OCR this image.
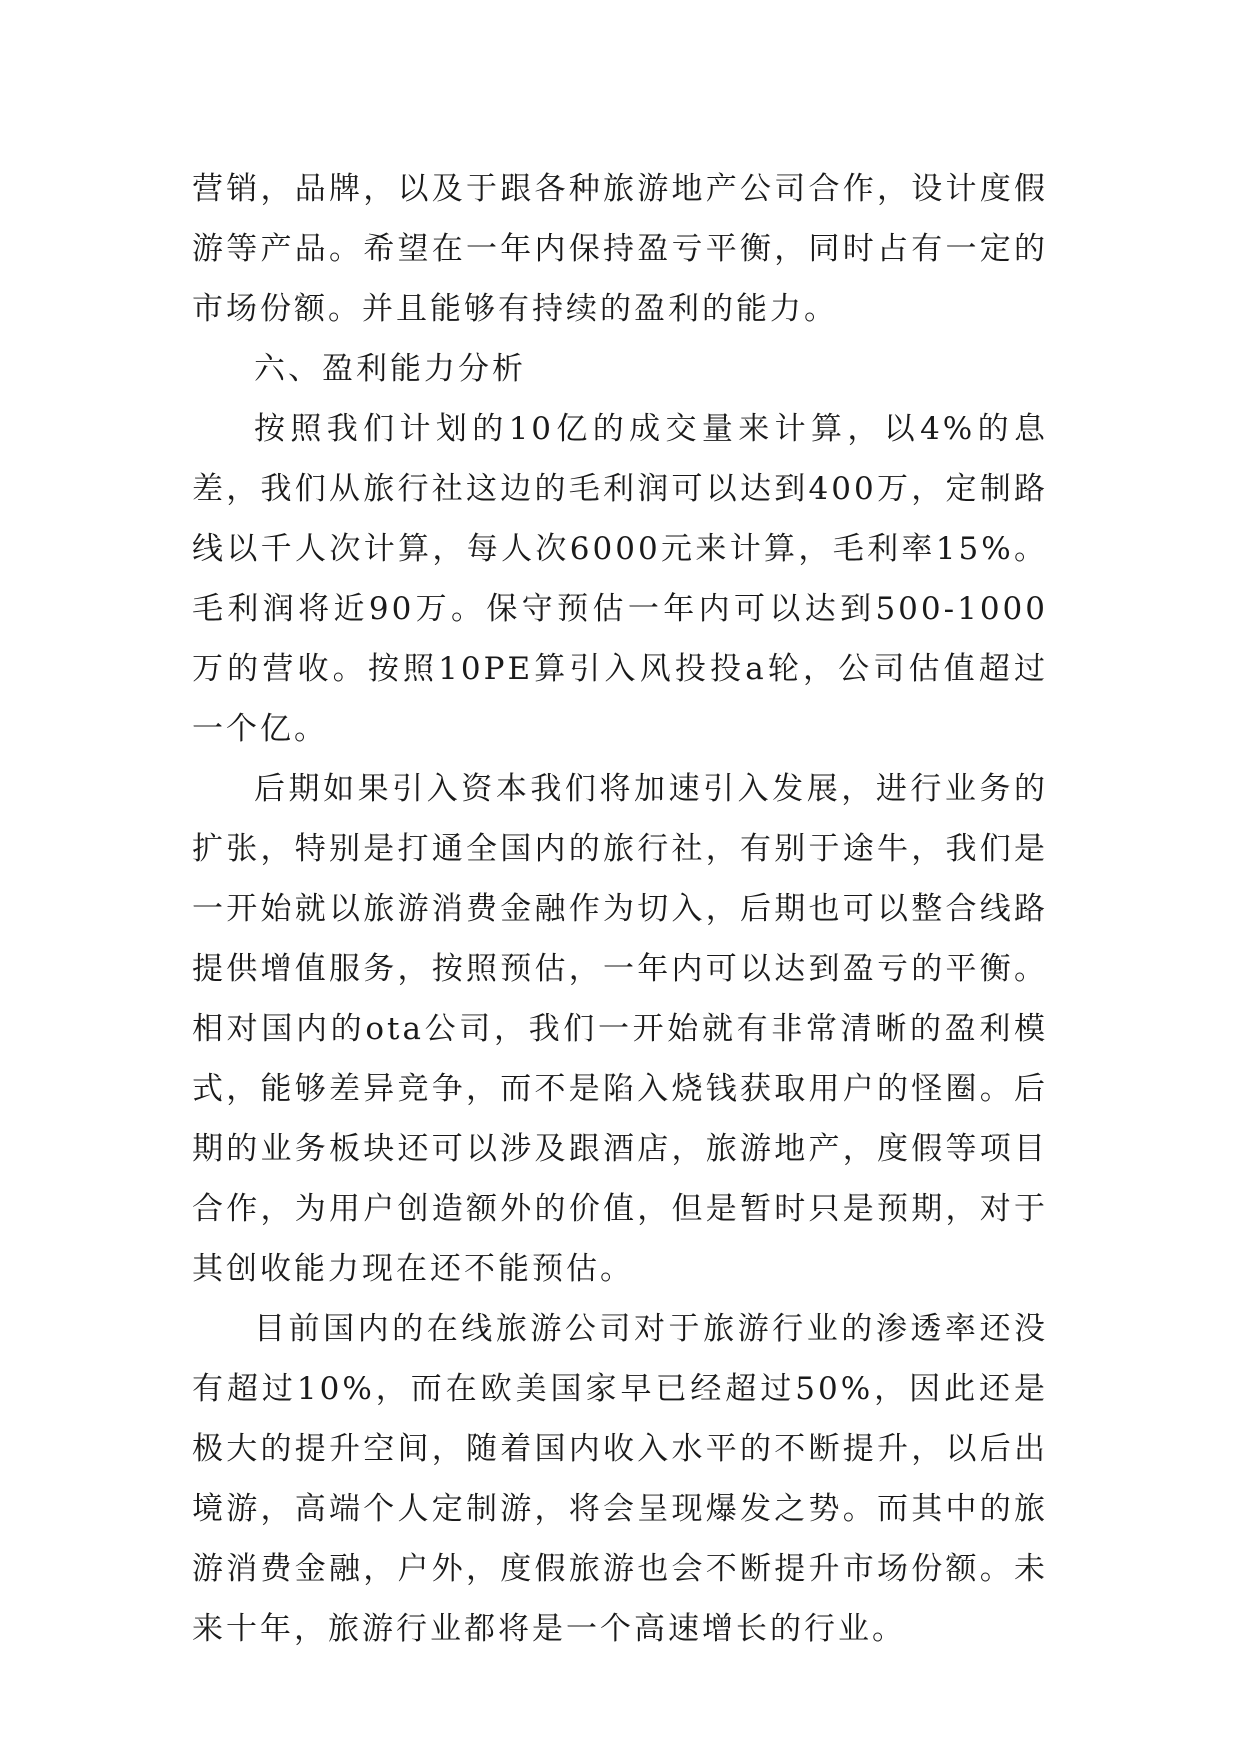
营销，品牌，以及于跟各种旅游地产公司合作，设计度假游等产品。希望在一年内保持盈亏平衡，同时占有一定的市场份额。并且能够有持续的盈利的能力。

六、盈利能力分析

按照我们计划的10亿的成交量来计算，以4%的息差，我们从旅行社这边的毛利润可以达到400万，定制路线以千人次计算，每人次6000元来计算，毛利率15%。毛利润将近90万。保守预估一年内可以达到500-1000万的营收。按照10PE算引入风投投a轮，公司估值超过一个亿。

后期如果引入资本我们将加速引入发展，进行业务的扩张，特别是打通全国内的旅行社，有别于途牛，我们是一开始就以旅游消费金融作为切入，后期也可以整合线路提供增值服务，按照预估，一年内可以达到盈亏的平衡。相对国内的ota公司，我们一开始就有非常清晰的盈利模式，能够差异竞争，而不是陷入烧钱获取用户的怪圈。后期的业务板块还可以涉及跟酒店，旅游地产，度假等项目合作，为用户创造额外的价值，但是暂时只是预期，对于其创收能力现在还不能预估。

目前国内的在线旅游公司对于旅游行业的渗透率还没有超过10%，而在欧美国家早已经超过50%，因此还是极大的提升空间，随着国内收入水平的不断提升，以后出境游，高端个人定制游，将会呈现爆发之势。而其中的旅游消费金融，户外，度假旅游也会不断提升市场份额。未来十年，旅游行业都将是一个高速增长的行业。
